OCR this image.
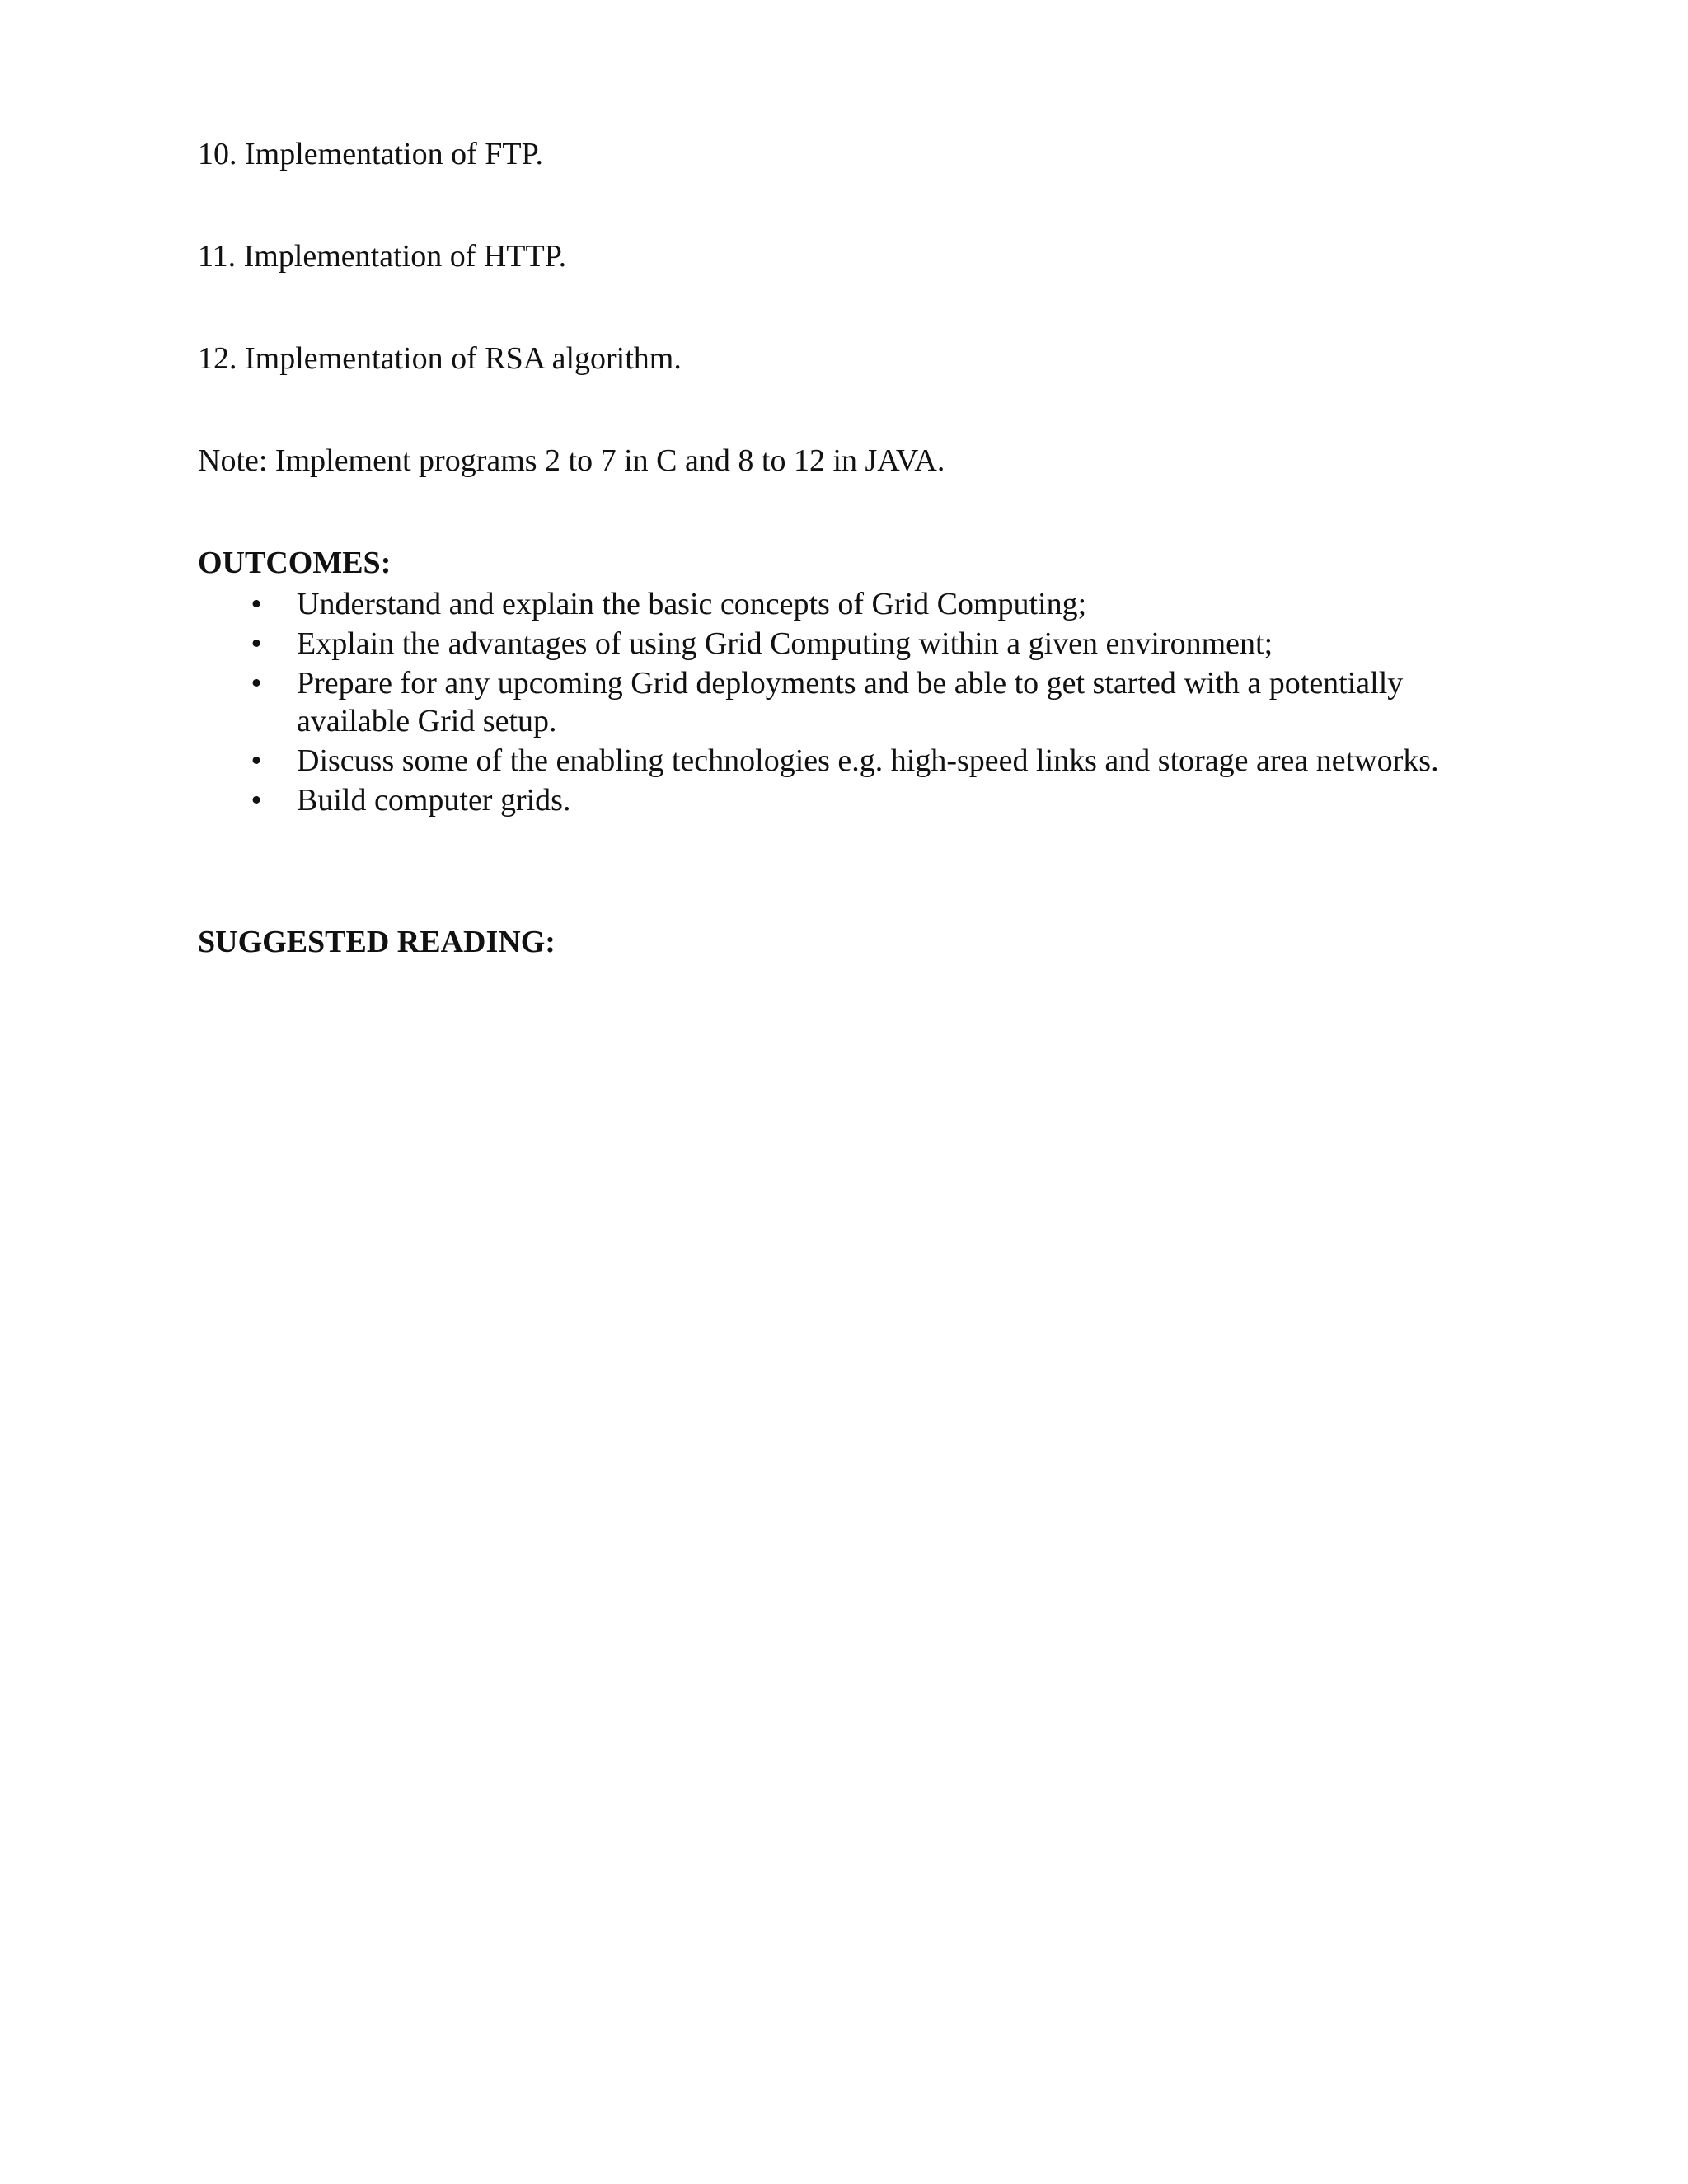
10. Implementation of FTP.

11. Implementation of HTTP.

12. Implementation of RSA algorithm.

Note: Implement programs 2 to 7 in C and 8 to 12 in JAVA.

OUTCOMES:
• Understand and explain the basic concepts of Grid Computing;
• Explain the advantages of using Grid Computing within a given environment;
• Prepare for any upcoming Grid deployments and be able to get started with a potentially available Grid setup.
• Discuss some of the enabling technologies e.g. high-speed links and storage area networks.
• Build computer grids.
SUGGESTED READING:
